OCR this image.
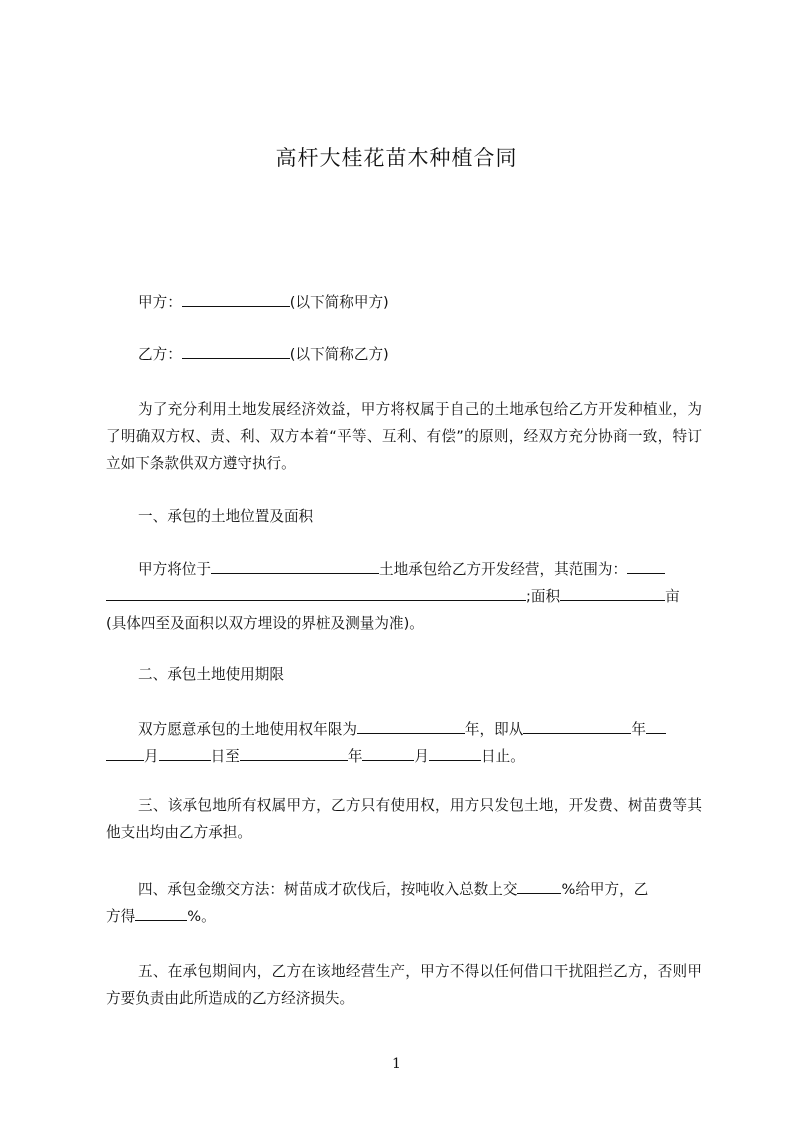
高杆大桂花苗木种植合同
甲方：	(以下简称甲方)
乙方：	(以下简称乙方)
为了充分利用土地发展经济效益，甲方将权属于自己的土地承包给乙方开发种植业，为了明确双方权、责、利、双方本着“平等、互利、有偿”的原则，经双方充分协商一致，特订立如下条款供双方遵守执行。
一、承包的土地位置及面积
甲方将位于	土地承包给乙方开发经营，其范围为：
;面积	亩
(具体四至及面积以双方埋设的界桩及测量为准)。
二、承包土地使用期限
双方愿意承包的土地使用权年限为	年，即从	年
月	日至	年	月	日止。
三、该承包地所有权属甲方，乙方只有使用权，用方只发包土地，开发费、树苗费等其他支出均由乙方承担。
四、承包金缴交方法：树苗成才砍伐后，按吨收入总数上交	%给甲方，乙
方得	%。
五、在承包期间内，乙方在该地经营生产，甲方不得以任何借口干扰阻拦乙方，否则甲方要负责由此所造成的乙方经济损失。
1
